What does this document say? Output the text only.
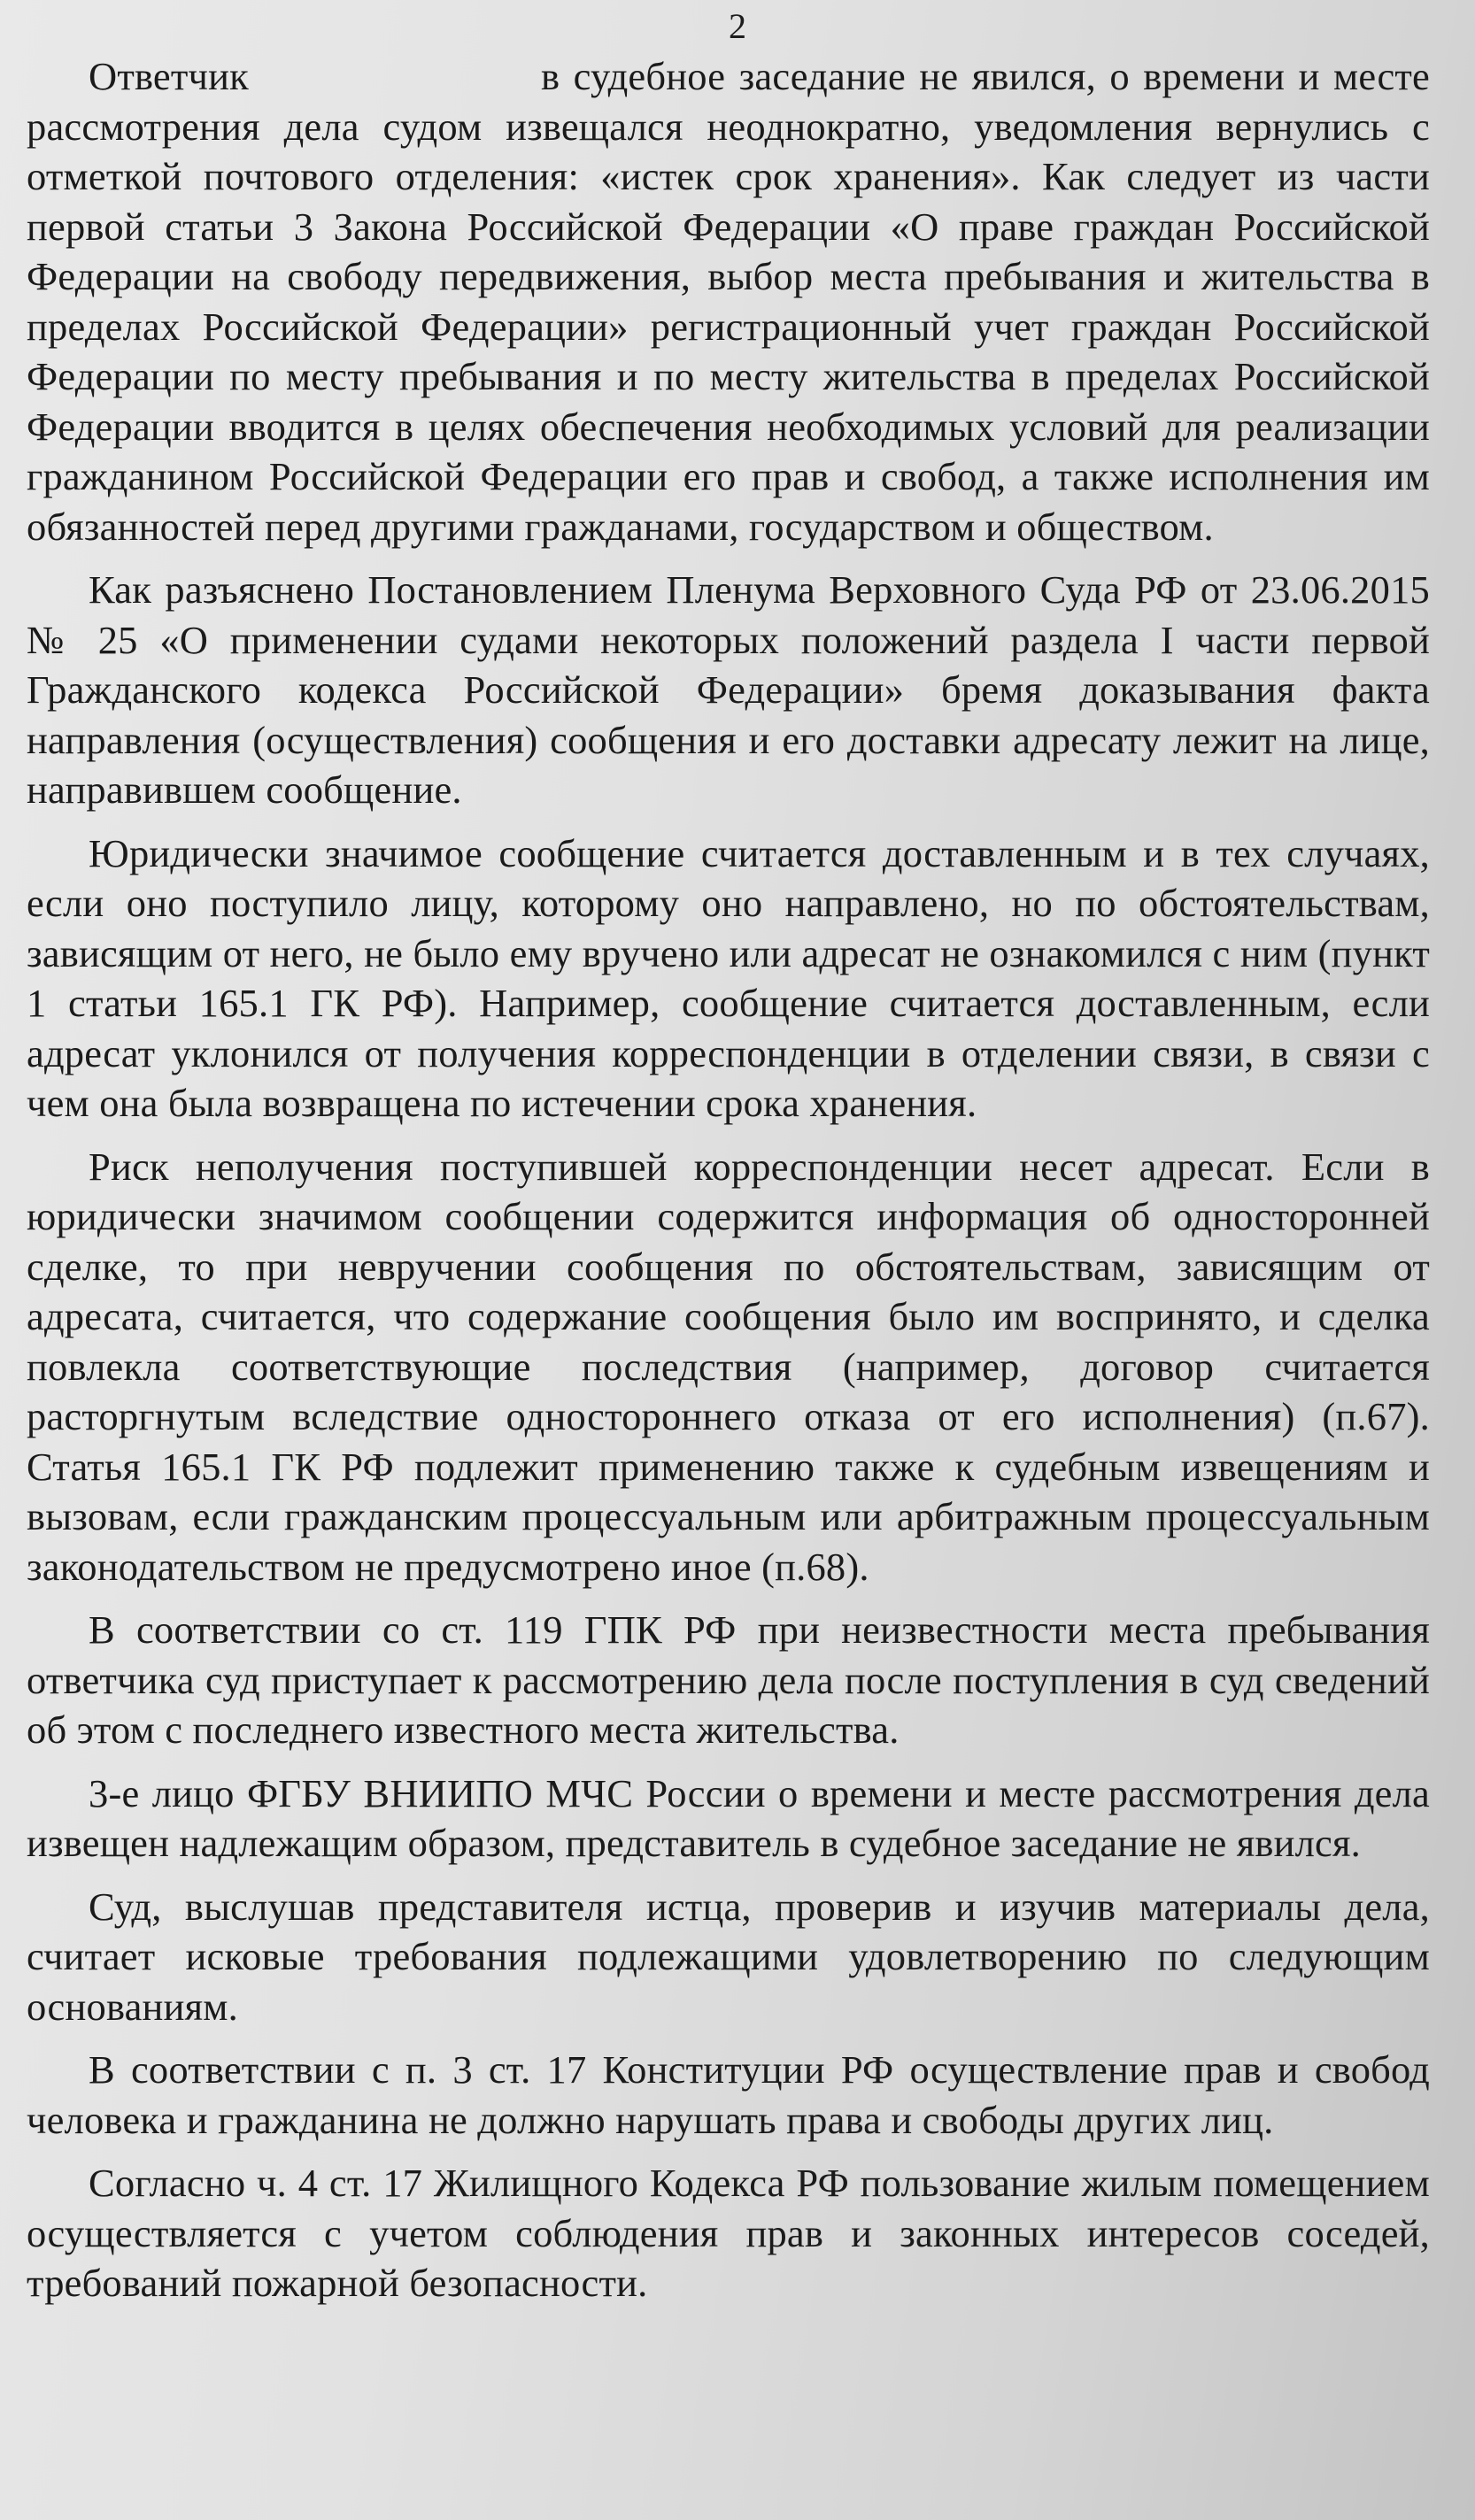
2

Ответчик	в судебное заседание не явился, о времени и месте рассмотрения дела судом извещался неоднократно, уведомления вернулись с отметкой почтового отделения: «истек срок хранения». Как следует из части первой статьи 3 Закона Российской Федерации «О праве граждан Российской Федерации на свободу передвижения, выбор места пребывания и жительства в пределах Российской Федерации» регистрационный учет граждан Российской Федерации по месту пребывания и по месту жительства в пределах Российской Федерации вводится в целях обеспечения необходимых условий для реализации гражданином Российской Федерации его прав и свобод, а также исполнения им обязанностей перед другими гражданами, государством и обществом.

Как разъяснено Постановлением Пленума Верховного Суда РФ от 23.06.2015 № 25 «О применении судами некоторых положений раздела I части первой Гражданского кодекса Российской Федерации» бремя доказывания факта направления (осуществления) сообщения и его доставки адресату лежит на лице, направившем сообщение.

Юридически значимое сообщение считается доставленным и в тех случаях, если оно поступило лицу, которому оно направлено, но по обстоятельствам, зависящим от него, не было ему вручено или адресат не ознакомился с ним (пункт 1 статьи 165.1 ГК РФ). Например, сообщение считается доставленным, если адресат уклонился от получения корреспонденции в отделении связи, в связи с чем она была возвращена по истечении срока хранения.

Риск неполучения поступившей корреспонденции несет адресат. Если в юридически значимом сообщении содержится информация об односторонней сделке, то при невручении сообщения по обстоятельствам, зависящим от адресата, считается, что содержание сообщения было им воспринято, и сделка повлекла соответствующие последствия (например, договор считается расторгнутым вследствие одностороннего отказа от его исполнения) (п.67). Статья 165.1 ГК РФ подлежит применению также к судебным извещениям и вызовам, если гражданским процессуальным или арбитражным процессуальным законодательством не предусмотрено иное (п.68).

В соответствии со ст. 119 ГПК РФ при неизвестности места пребывания ответчика суд приступает к рассмотрению дела после поступления в суд сведений об этом с последнего известного места жительства.

3-е лицо ФГБУ ВНИИПО МЧС России о времени и месте рассмотрения дела извещен надлежащим образом, представитель в судебное заседание не явился.

Суд, выслушав представителя истца, проверив и изучив материалы дела, считает исковые требования подлежащими удовлетворению по следующим основаниям.

В соответствии с п. 3 ст. 17 Конституции РФ осуществление прав и свобод человека и гражданина не должно нарушать права и свободы других лиц.

Согласно ч. 4 ст. 17 Жилищного Кодекса РФ пользование жилым помещением осуществляется с учетом соблюдения прав и законных интересов соседей, требований пожарной безопасности.
